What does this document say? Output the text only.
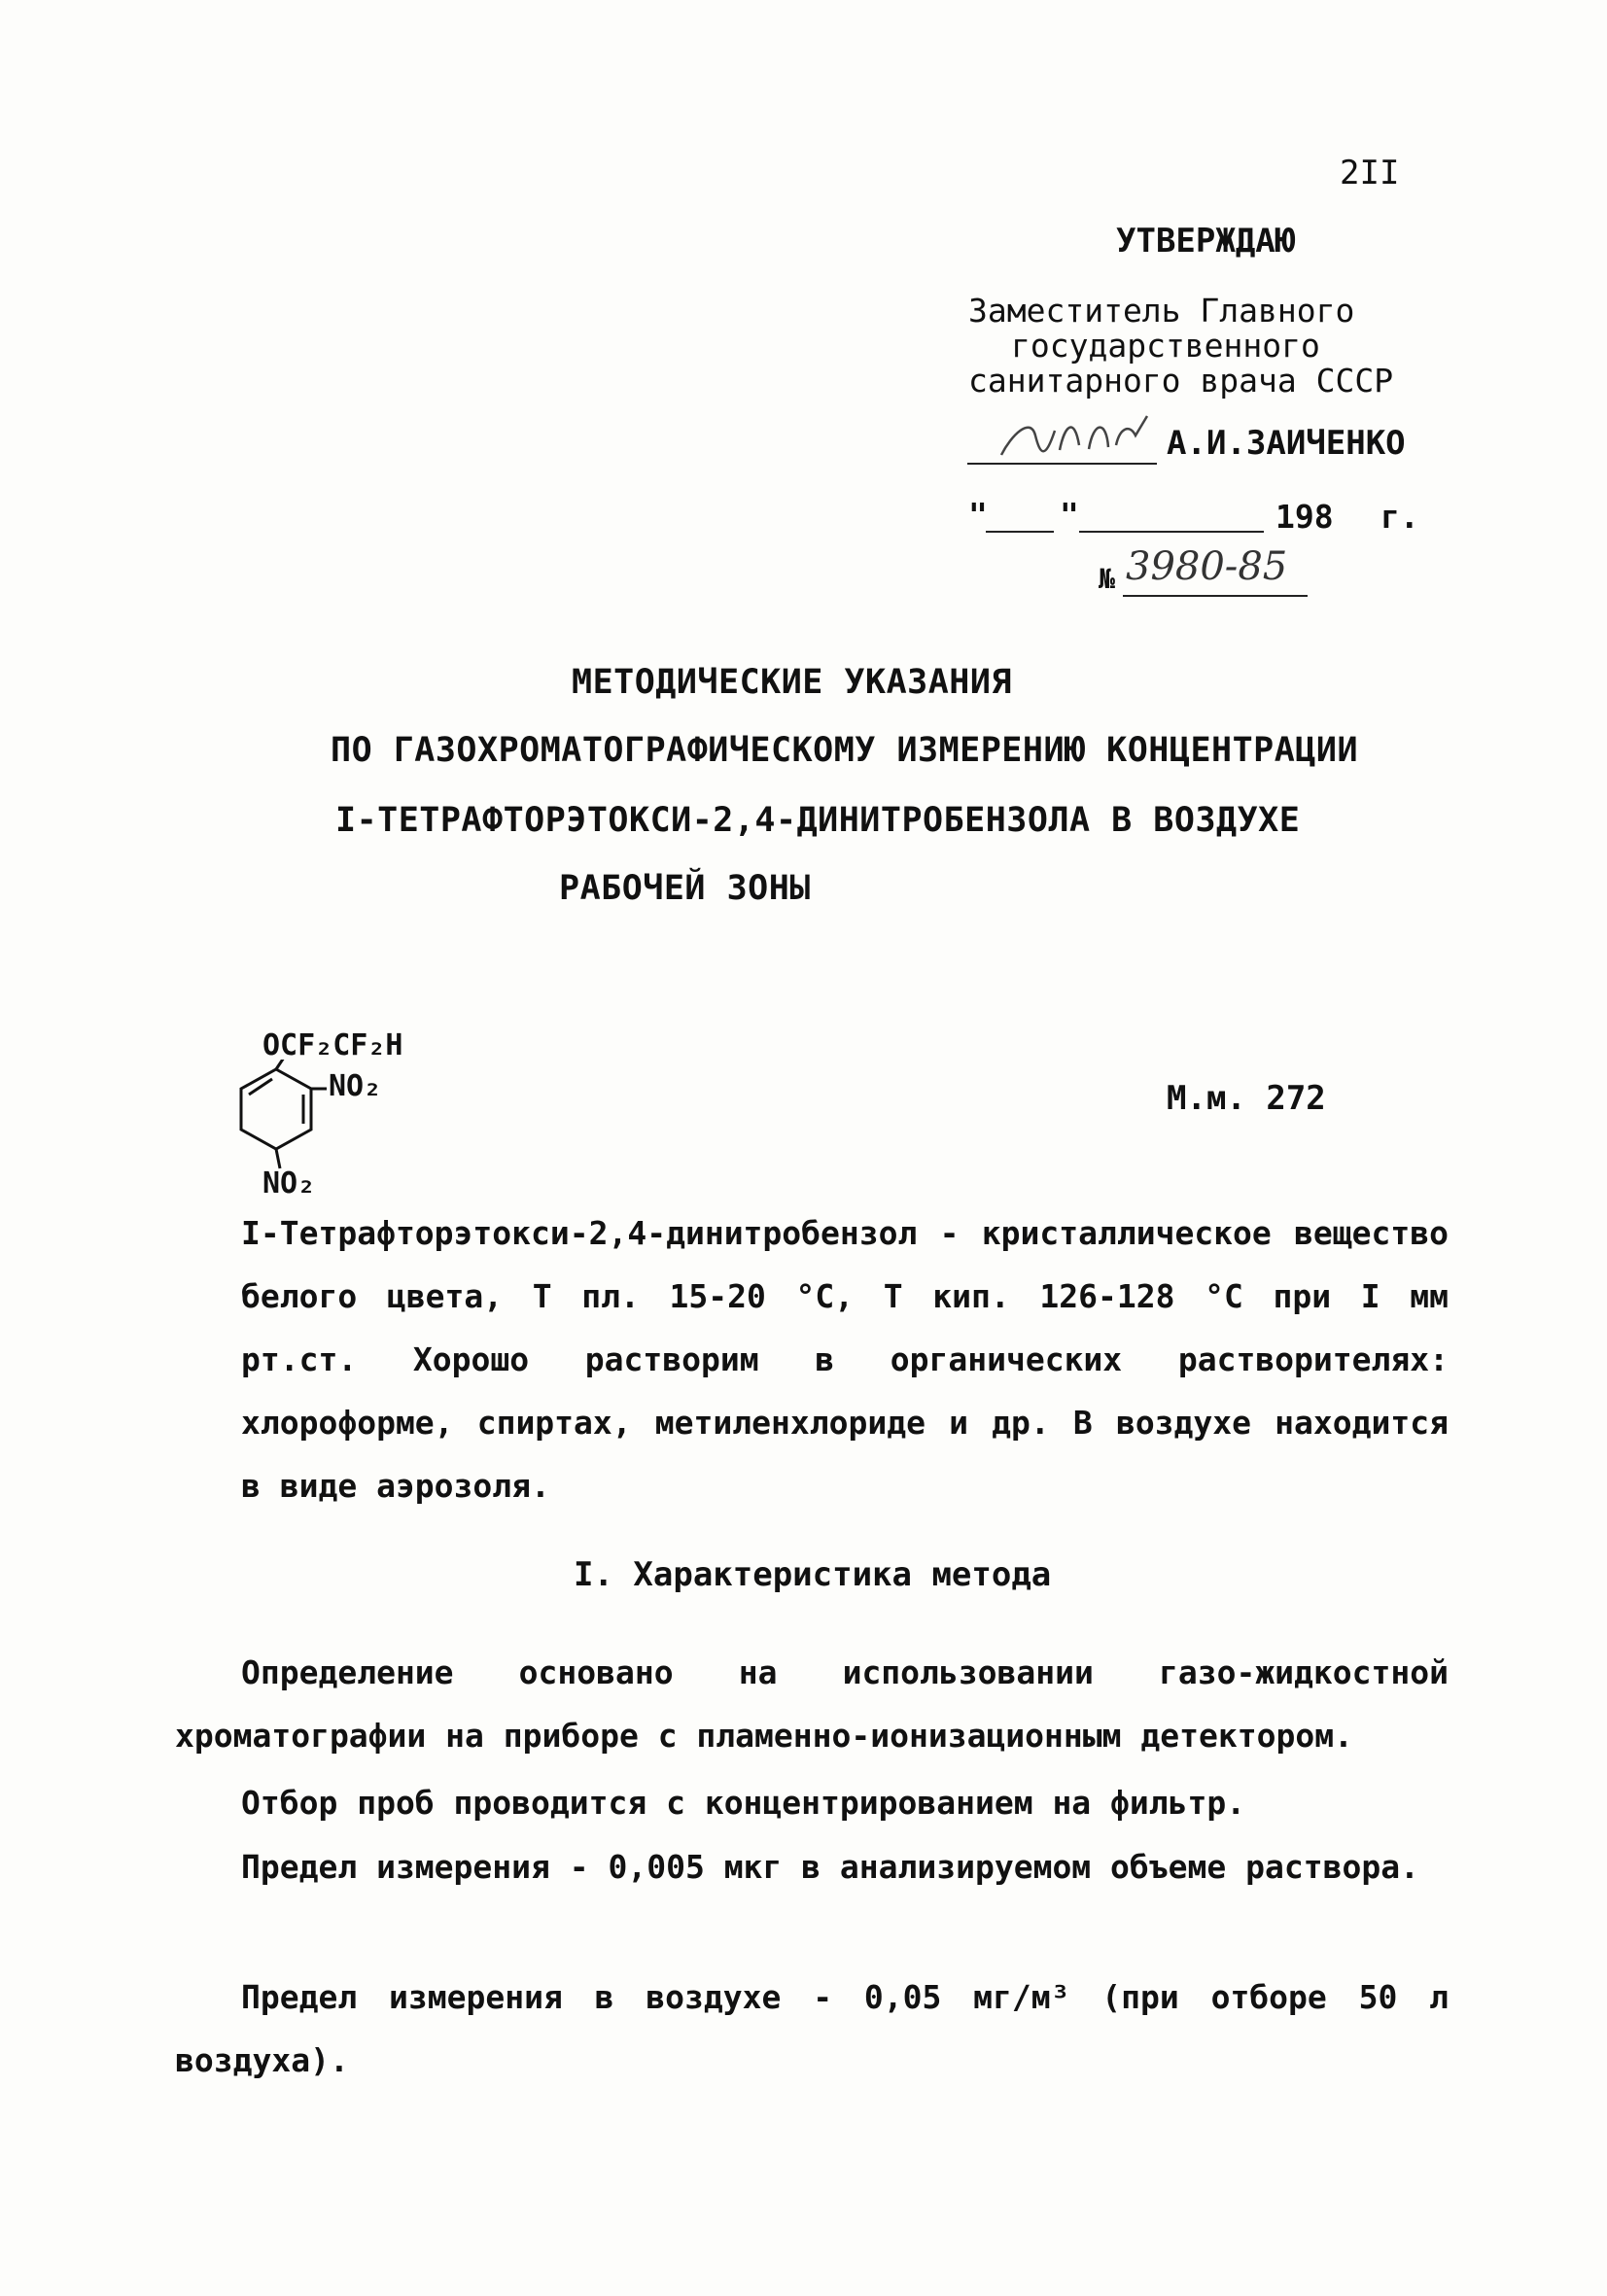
2ІІ
УТВЕРЖДАЮ
Заместитель Главного
государственного
санитарного врача СССР
А.И.ЗАИЧЕНКО
" "	198 г.
№ 3980-85
МЕТОДИЧЕСКИЕ УКАЗАНИЯ
ПО ГАЗОХРОМАТОГРАФИЧЕСКОМУ ИЗМЕРЕНИЮ КОНЦЕНТРАЦИИ
I-ТЕТРАФТОРЭТОКСИ-2,4-ДИНИТРОБЕНЗОЛА В ВОЗДУХЕ
РАБОЧЕЙ ЗОНЫ
OCF₂CF₂H
NO₂
NO₂
М.м. 272
I-Тетрафторэтокси-2,4-динитробензол - кристаллическое вещество белого цвета, Т пл. 15-20 °C, Т кип. 126-128 °C при I мм рт.ст. Хорошо растворим в органических растворителях: хлороформе, спиртах, метиленхлориде и др. В воздухе находится в виде аэрозоля.
I. Характеристика метода
Определение основано на использовании газо-жидкостной хроматографии на приборе с пламенно-ионизационным детектором.
Отбор проб проводится с концентрированием на фильтр.
Предел измерения - 0,005 мкг в анализируемом объеме раствора.
Предел измерения в воздухе - 0,05 мг/м³ (при отборе 50 л воздуха).
